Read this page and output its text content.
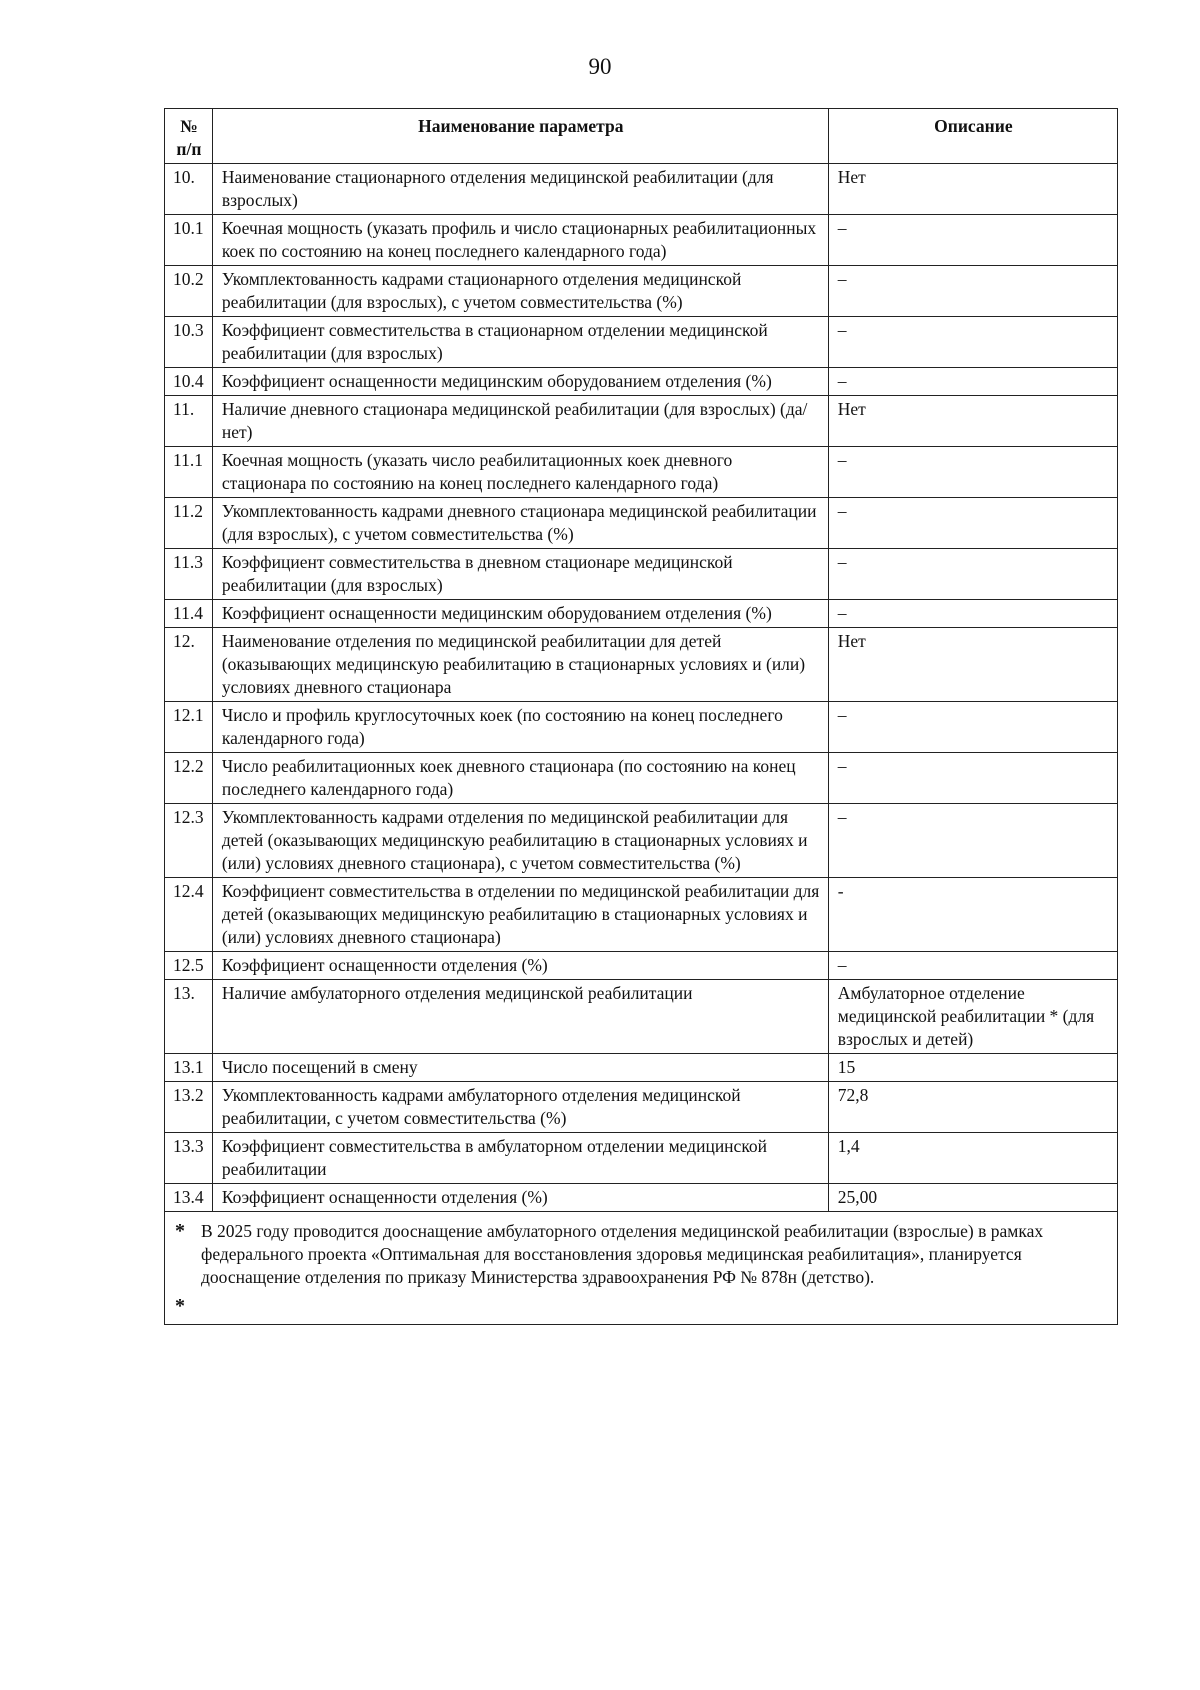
90
№ п/п	Наименование параметра	Описание
10.	Наименование стационарного отделения медицинской реабилитации (для взрослых)	Нет
10.1	Коечная мощность (указать профиль и число стационарных реабилитационных коек по состоянию на конец последнего календарного года)	–
10.2	Укомплектованность кадрами стационарного отделения медицинской реабилитации (для взрослых), с учетом совместительства (%)	–
10.3	Коэффициент совместительства в стационарном отделении медицинской реабилитации (для взрослых)	–
10.4	Коэффициент оснащенности медицинским оборудованием отделения (%)	–
11.	Наличие дневного стационара медицинской реабилитации (для взрослых) (да/нет)	Нет
11.1	Коечная мощность (указать число реабилитационных коек дневного стационара по состоянию на конец последнего календарного года)	–
11.2	Укомплектованность кадрами дневного стационара медицинской реабилитации (для взрослых), с учетом совместительства (%)	–
11.3	Коэффициент совместительства в дневном стационаре медицинской реабилитации (для взрослых)	–
11.4	Коэффициент оснащенности медицинским оборудованием отделения (%)	–
12.	Наименование отделения по медицинской реабилитации для детей (оказывающих медицинскую реабилитацию в стационарных условиях и (или) условиях дневного стационара	Нет
12.1	Число и профиль круглосуточных коек (по состоянию на конец последнего календарного года)	–
12.2	Число реабилитационных коек дневного стационара (по состоянию на конец последнего календарного года)	–
12.3	Укомплектованность кадрами отделения по медицинской реабилитации для детей (оказывающих медицинскую реабилитацию в стационарных условиях и (или) условиях дневного стационара), с учетом совместительства (%)	–
12.4	Коэффициент совместительства в отделении по медицинской реабилитации для детей (оказывающих медицинскую реабилитацию в стационарных условиях и (или) условиях дневного стационара)	-
12.5	Коэффициент оснащенности отделения (%)	–
13.	Наличие амбулаторного отделения медицинской реабилитации	Амбулаторное отделение медицинской реабилитации * (для взрослых и детей)
13.1	Число посещений в смену	15
13.2	Укомплектованность кадрами амбулаторного отделения медицинской реабилитации, с учетом совместительства (%)	72,8
13.3	Коэффициент совместительства в амбулаторном отделении медицинской реабилитации	1,4
13.4	Коэффициент оснащенности отделения (%)	25,00

* В 2025 году проводится дооснащение амбулаторного отделения медицинской реабилитации (взрослые) в рамках федерального проекта «Оптимальная для восстановления здоровья медицинская реабилитация», планируется дооснащение отделения по приказу Министерства здравоохранения РФ № 878н (детство).
*		
